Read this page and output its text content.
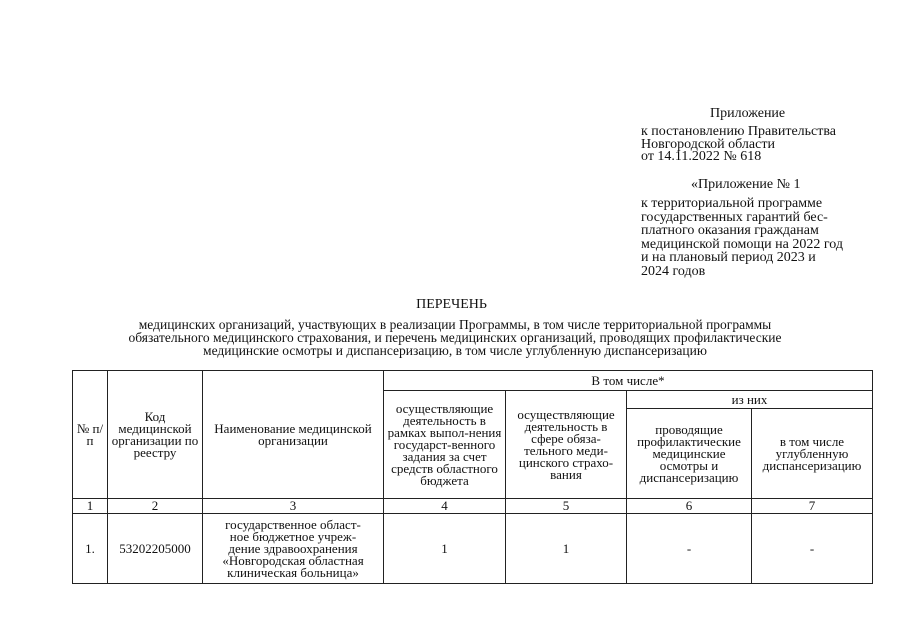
Приложение
к постановлению Правительства
Новгородской области
от 14.11.2022 № 618
«Приложение № 1
к территориальной программе
государственных гарантий бес-
платного оказания гражданам
медицинской помощи на 2022 год
и на плановый период 2023 и
2024 годов
ПЕРЕЧЕНЬ
медицинских организаций, участвующих в реализации Программы, в том числе территориальной программы
обязательного медицинского страхования, и перечень медицинских организаций, проводящих профилактические
медицинские осмотры и диспансеризацию, в том числе углубленную диспансеризацию
№ п/п	Код медицинской организации по реестру	Наименование медицинской организации	В том числе*			
			осуществляющие деятельность в рамках выпол-нения государст-венного задания за счет средств областного бюджета	осуществляющие деятельность в сфере обяза-тельного меди-цинского страхо-вания	из них	
					проводящие профилактические медицинские осмотры и диспансеризацию	в том числе углубленную диспансеризацию
1	2	3	4	5	6	7
1.	53202205000	государственное област-
ное бюджетное учреж-
дение здравоохранения
«Новгородская областная
клиническая больница»	1	1	-	-
